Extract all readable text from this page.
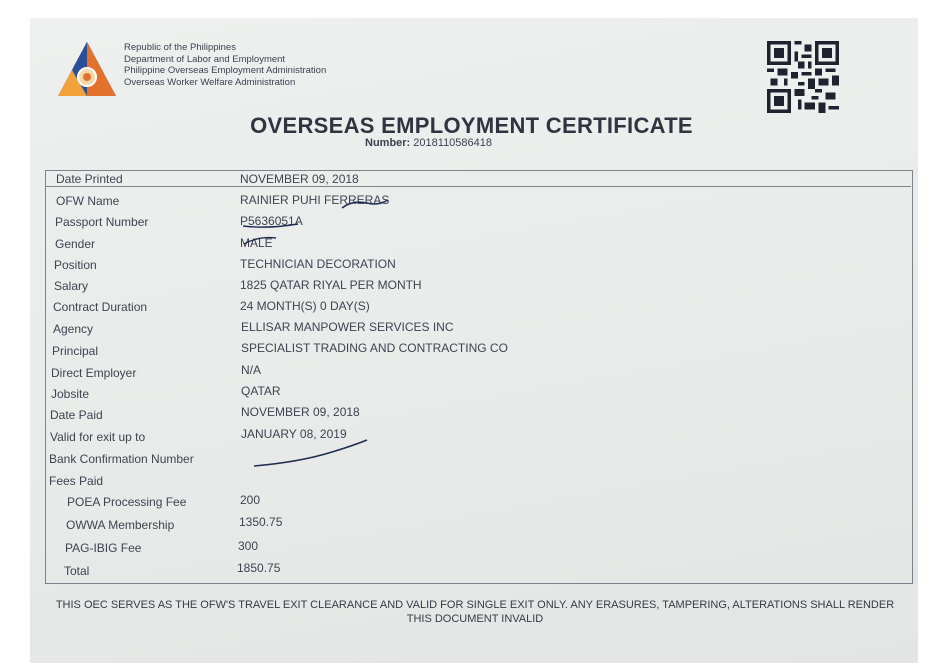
Republic of the Philippines
Department of Labor and Employment
Philippine Overseas Employment Administration
Overseas Worker Welfare Administration
OVERSEAS EMPLOYMENT CERTIFICATE
Number: 2018110586418
Date Printed	NOVEMBER 09, 2018
OFW Name	RAINIER PUHI FERRERAS
Passport Number	P5636051A
Gender	MALE
Position	TECHNICIAN DECORATION
Salary	1825 QATAR RIYAL PER MONTH
Contract Duration	24 MONTH(S) 0 DAY(S)
Agency	ELLISAR MANPOWER SERVICES INC
Principal	SPECIALIST TRADING AND CONTRACTING CO
Direct Employer	N/A
Jobsite	QATAR
Date Paid	NOVEMBER 09, 2018
Valid for exit up to	JANUARY 08, 2019
Bank Confirmation Number
Fees Paid
POEA Processing Fee	200
OWWA Membership	1350.75
PAG-IBIG Fee	300
Total	1850.75
THIS OEC SERVES AS THE OFW'S TRAVEL EXIT CLEARANCE AND VALID FOR SINGLE EXIT ONLY. ANY ERASURES, TAMPERING, ALTERATIONS SHALL RENDER
THIS DOCUMENT INVALID
